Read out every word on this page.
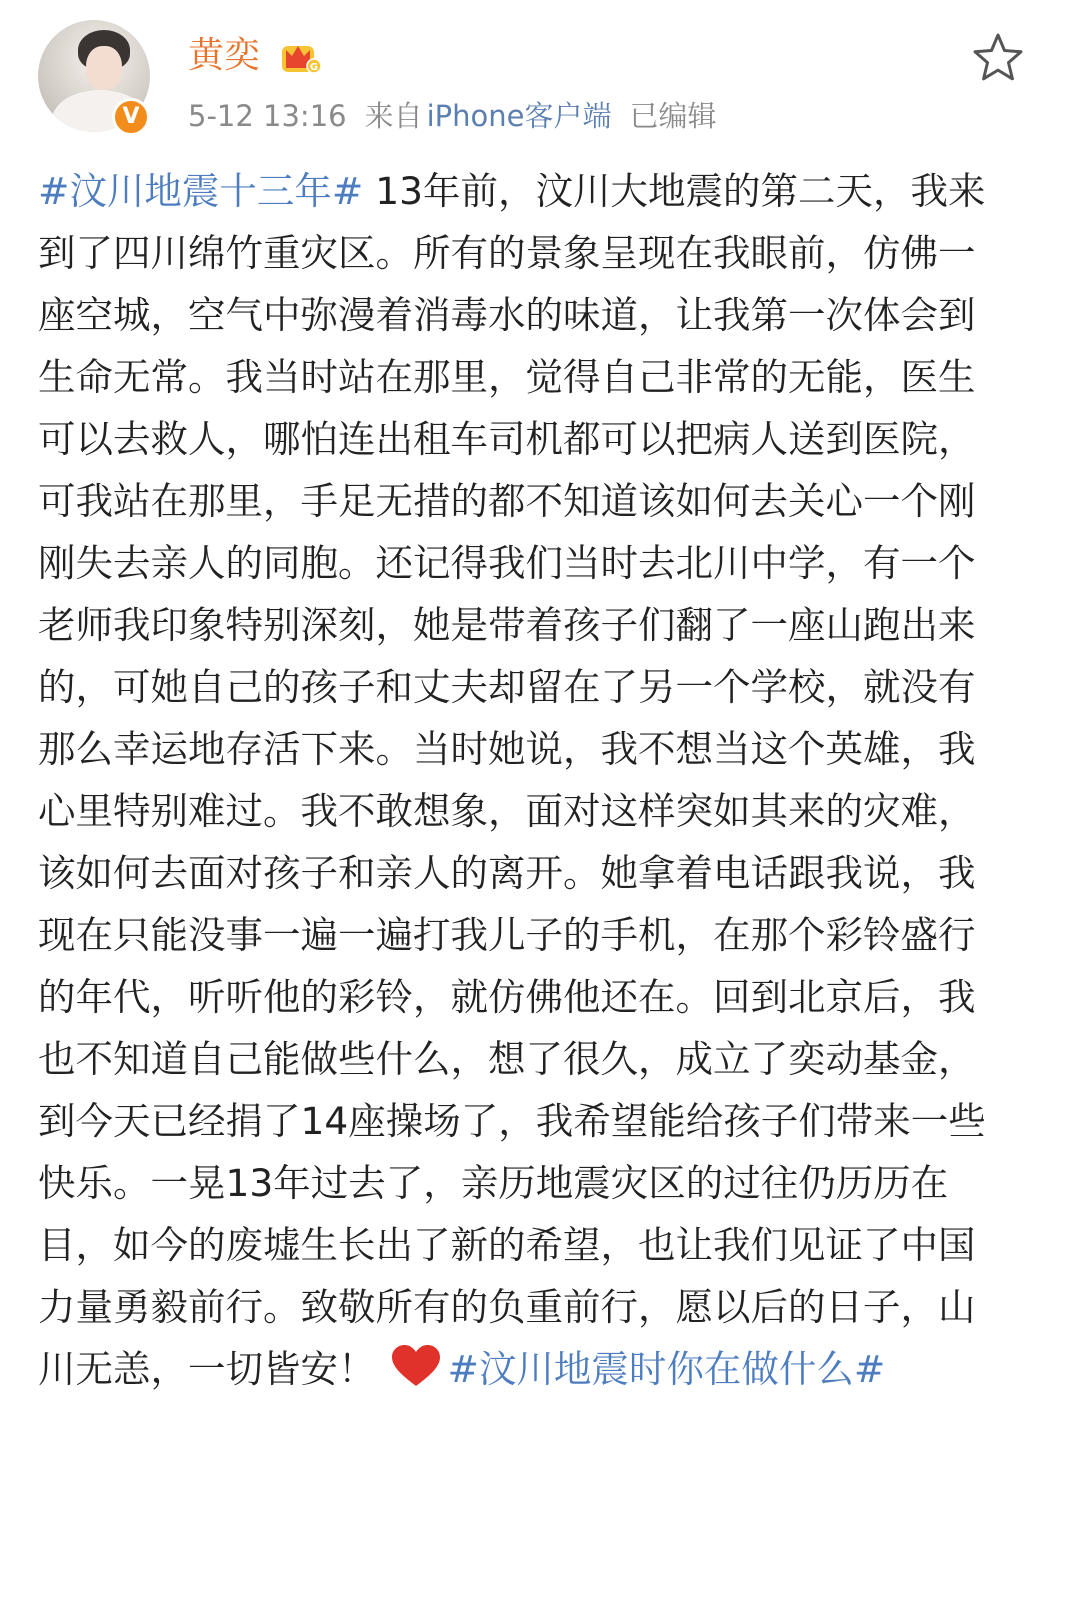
V
黄奕	G
5-12 13:16 来自 iPhone客户端 已编辑
#汶川地震十三年# 13年前，汶川大地震的第二天，我来到了四川绵竹重灾区。所有的景象呈现在我眼前，仿佛一座空城，空气中弥漫着消毒水的味道，让我第一次体会到生命无常。我当时站在那里，觉得自己非常的无能，医生可以去救人，哪怕连出租车司机都可以把病人送到医院，可我站在那里，手足无措的都不知道该如何去关心一个刚刚失去亲人的同胞。还记得我们当时去北川中学，有一个老师我印象特别深刻，她是带着孩子们翻了一座山跑出来的，可她自己的孩子和丈夫却留在了另一个学校，就没有那么幸运地存活下来。当时她说，我不想当这个英雄，我心里特别难过。我不敢想象，面对这样突如其来的灾难，该如何去面对孩子和亲人的离开。她拿着电话跟我说，我现在只能没事一遍一遍打我儿子的手机，在那个彩铃盛行的年代，听听他的彩铃，就仿佛他还在。回到北京后，我也不知道自己能做些什么，想了很久，成立了奕动基金，到今天已经捐了14座操场了，我希望能给孩子们带来一些快乐。一晃13年过去了，亲历地震灾区的过往仍历历在目，如今的废墟生长出了新的希望，也让我们见证了中国力量勇毅前行。致敬所有的负重前行，愿以后的日子，山川无恙，一切皆安！ #汶川地震时你在做什么#
